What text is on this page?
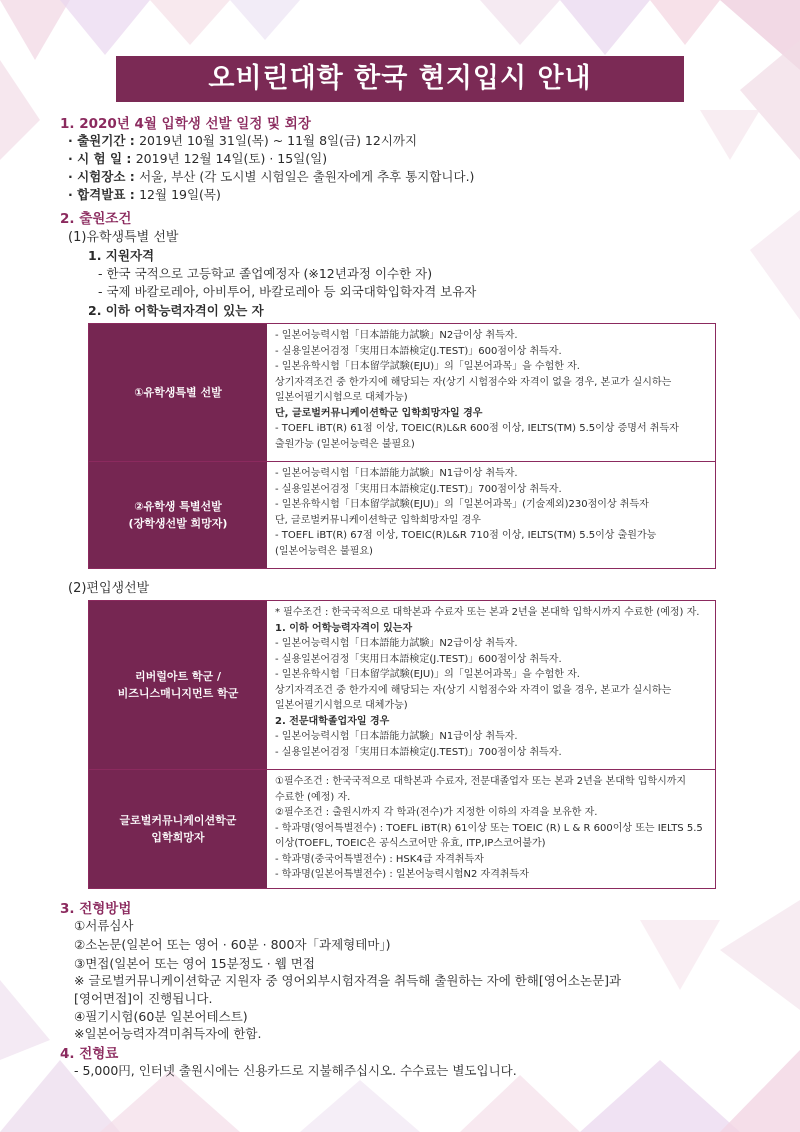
오비린대학 한국 현지입시 안내
1. 2020년 4월 입학생 선발 일정 및 회장
· 출원기간 : 2019년 10월 31일(목) ~ 11월 8일(금) 12시까지
· 시 험 일 : 2019년 12월 14일(토) · 15일(일)
· 시험장소 : 서울, 부산 (각 도시별 시험일은 출원자에게 추후 통지합니다.)
· 합격발표 : 12월 19일(목)
2. 출원조건
(1)유학생특별 선발
1. 지원자격
- 한국 국적으로 고등학교 졸업예정자 (※12년과정 이수한 자)
- 국제 바칼로레아, 아비투어, 바칼로레아 등 외국대학입학자격 보유자
2. 이하 어학능력자격이 있는 자
①유학생특별 선발
- 일본어능력시험「日本語能力試験」N2급이상 취득자.
- 실용일본어검정「実用日本語検定(J.TEST)」600점이상 취득자.
- 일본유학시험「日本留学試験(EJU)」의「일본어과목」을 수험한 자.
상기자격조건 중 한가지에 해당되는 자(상기 시험점수와 자격이 없을 경우, 본교가 실시하는
일본어필기시험으로 대체가능)
단, 글로벌커뮤니케이션학군 입학희망자일 경우
- TOEFL iBT(R) 61점 이상, TOEIC(R)L&R 600점 이상, IELTS(TM) 5.5이상 증명서 취득자
출원가능 (일본어능력은 불필요)
②유학생 특별선발
(장학생선발 희망자)
- 일본어능력시험「日本語能力試験」N1급이상 취득자.
- 실용일본어검정「実用日本語検定(J.TEST)」700점이상 취득자.
- 일본유학시험「日本留学試験(EJU)」의「일본어과목」(기술제외)230점이상 취득자
단, 글로벌커뮤니케이션학군 입학희망자일 경우
- TOEFL iBT(R) 67점 이상, TOEIC(R)L&R 710점 이상, IELTS(TM) 5.5이상 출원가능
(일본어능력은 불필요)
(2)편입생선발
리버럴아트 학군 /
비즈니스매니지먼트 학군
* 필수조건 : 한국국적으로 대학본과 수료자 또는 본과 2년을 본대학 입학시까지 수료한 (예정) 자.
1. 이하 어학능력자격이 있는자
- 일본어능력시험「日本語能力試験」N2급이상 취득자.
- 실용일본어검정「実用日本語検定(J.TEST)」600점이상 취득자.
- 일본유학시험「日本留学試験(EJU)」의「일본어과목」을 수험한 자.
상기자격조건 중 한가지에 해당되는 자(상기 시험점수와 자격이 없을 경우, 본교가 실시하는
일본어필기시험으로 대체가능)
2. 전문대학졸업자일 경우
- 일본어능력시험「日本語能力試験」N1급이상 취득자.
- 실용일본어검정「実用日本語検定(J.TEST)」700점이상 취득자.
글로벌커뮤니케이션학군
입학희망자
①필수조건 : 한국국적으로 대학본과 수료자, 전문대졸업자 또는 본과 2년을 본대학 입학시까지
수료한 (예정) 자.
②필수조건 : 출원시까지 각 학과(전수)가 지정한 이하의 자격을 보유한 자.
- 학과명(영어특별전수) : TOEFL iBT(R) 61이상 또는 TOEIC (R) L & R 600이상 또는 IELTS 5.5
이상(TOEFL, TOEIC은 공식스코어만 유효, ITP,IP스코어불가)
- 학과명(중국어특별전수) : HSK4급 자격취득자
- 학과명(일본어특별전수) : 일본어능력시험N2 자격취득자
3. 전형방법
①서류심사
②소논문(일본어 또는 영어 · 60분 · 800자「과제형테마」)
③면접(일본어 또는 영어 15분정도 · 웹 면접
※ 글로벌커뮤니케이션학군 지원자 중 영어외부시험자격을 취득해 출원하는 자에 한해[영어소논문]과
[영어면접]이 진행됩니다.
④필기시험(60분 일본어테스트)
※일본어능력자격미취득자에 한함.
4. 전형료
- 5,000円, 인터넷 출원시에는 신용카드로 지불해주십시오. 수수료는 별도입니다.
